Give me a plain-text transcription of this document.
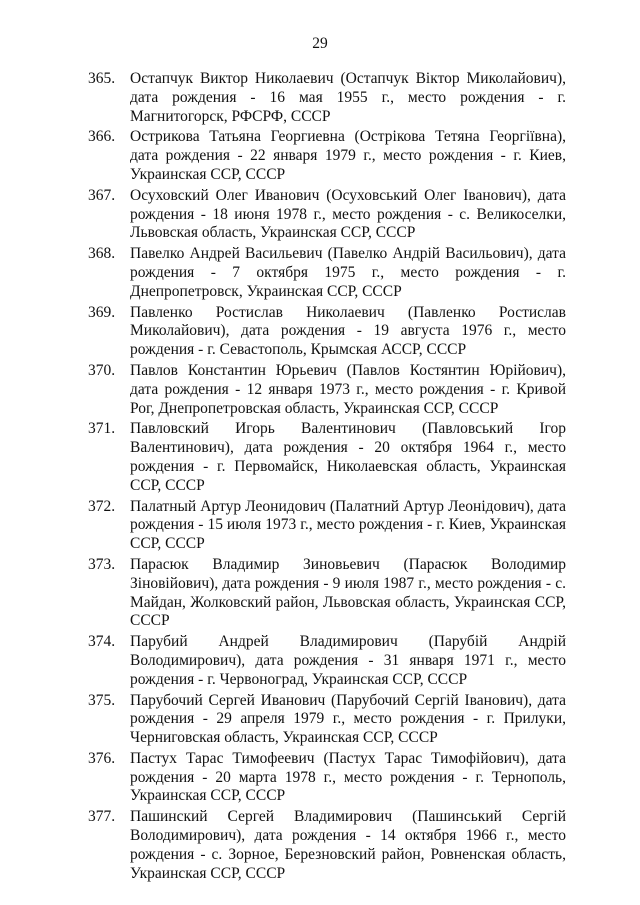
29
365. Остапчук Виктор Николаевич (Остапчук Віктор Миколайович), дата рождения - 16 мая 1955 г., место рождения - г. Магнитогорск, РФСРФ, СССР
366. Острикова Татьяна Георгиевна (Острікова Тетяна Георгіївна), дата рождения - 22 января 1979 г., место рождения - г. Киев, Украинская ССР, СССР
367. Осуховский Олег Иванович (Осуховський Олег Іванович), дата рождения - 18 июня 1978 г., место рождения - с. Великоселки, Львовская область, Украинская ССР, СССР
368. Павелко Андрей Васильевич (Павелко Андрій Васильович), дата рождения - 7 октября 1975 г., место рождения - г. Днепропетровск, Украинская ССР, СССР
369. Павленко Ростислав Николаевич (Павленко Ростислав Миколайович), дата рождения - 19 августа 1976 г., место рождения - г. Севастополь, Крымская АССР, СССР
370. Павлов Константин Юрьевич (Павлов Костянтин Юрійович), дата рождения - 12 января 1973 г., место рождения - г. Кривой Рог, Днепропетровская область, Украинская ССР, СССР
371. Павловский Игорь Валентинович (Павловський Ігор Валентинович), дата рождения - 20 октября 1964 г., место рождения - г. Первомайск, Николаевская область, Украинская ССР, СССР
372. Палатный Артур Леонидович (Палатний Артур Леонідович), дата рождения - 15 июля 1973 г., место рождения - г. Киев, Украинская ССР, СССР
373. Парасюк Владимир Зиновьевич (Парасюк Володимир Зіновійович), дата рождения - 9 июля 1987 г., место рождения - с. Майдан, Жолковский район, Львовская область, Украинская ССР, СССР
374. Парубий Андрей Владимирович (Парубій Андрій Володимирович), дата рождения - 31 января 1971 г., место рождения - г. Червоноград, Украинская ССР, СССР
375. Парубочий Сергей Иванович (Парубочий Сергій Іванович), дата рождения - 29 апреля 1979 г., место рождения - г. Прилуки, Черниговская область, Украинская ССР, СССР
376. Пастух Тарас Тимофеевич (Пастух Тарас Тимофійович), дата рождения - 20 марта 1978 г., место рождения - г. Тернополь, Украинская ССР, СССР
377. Пашинский Сергей Владимирович (Пашинський Сергій Володимирович), дата рождения - 14 октября 1966 г., место рождения - с. Зорное, Березновский район, Ровненская область, Украинская ССР, СССР
